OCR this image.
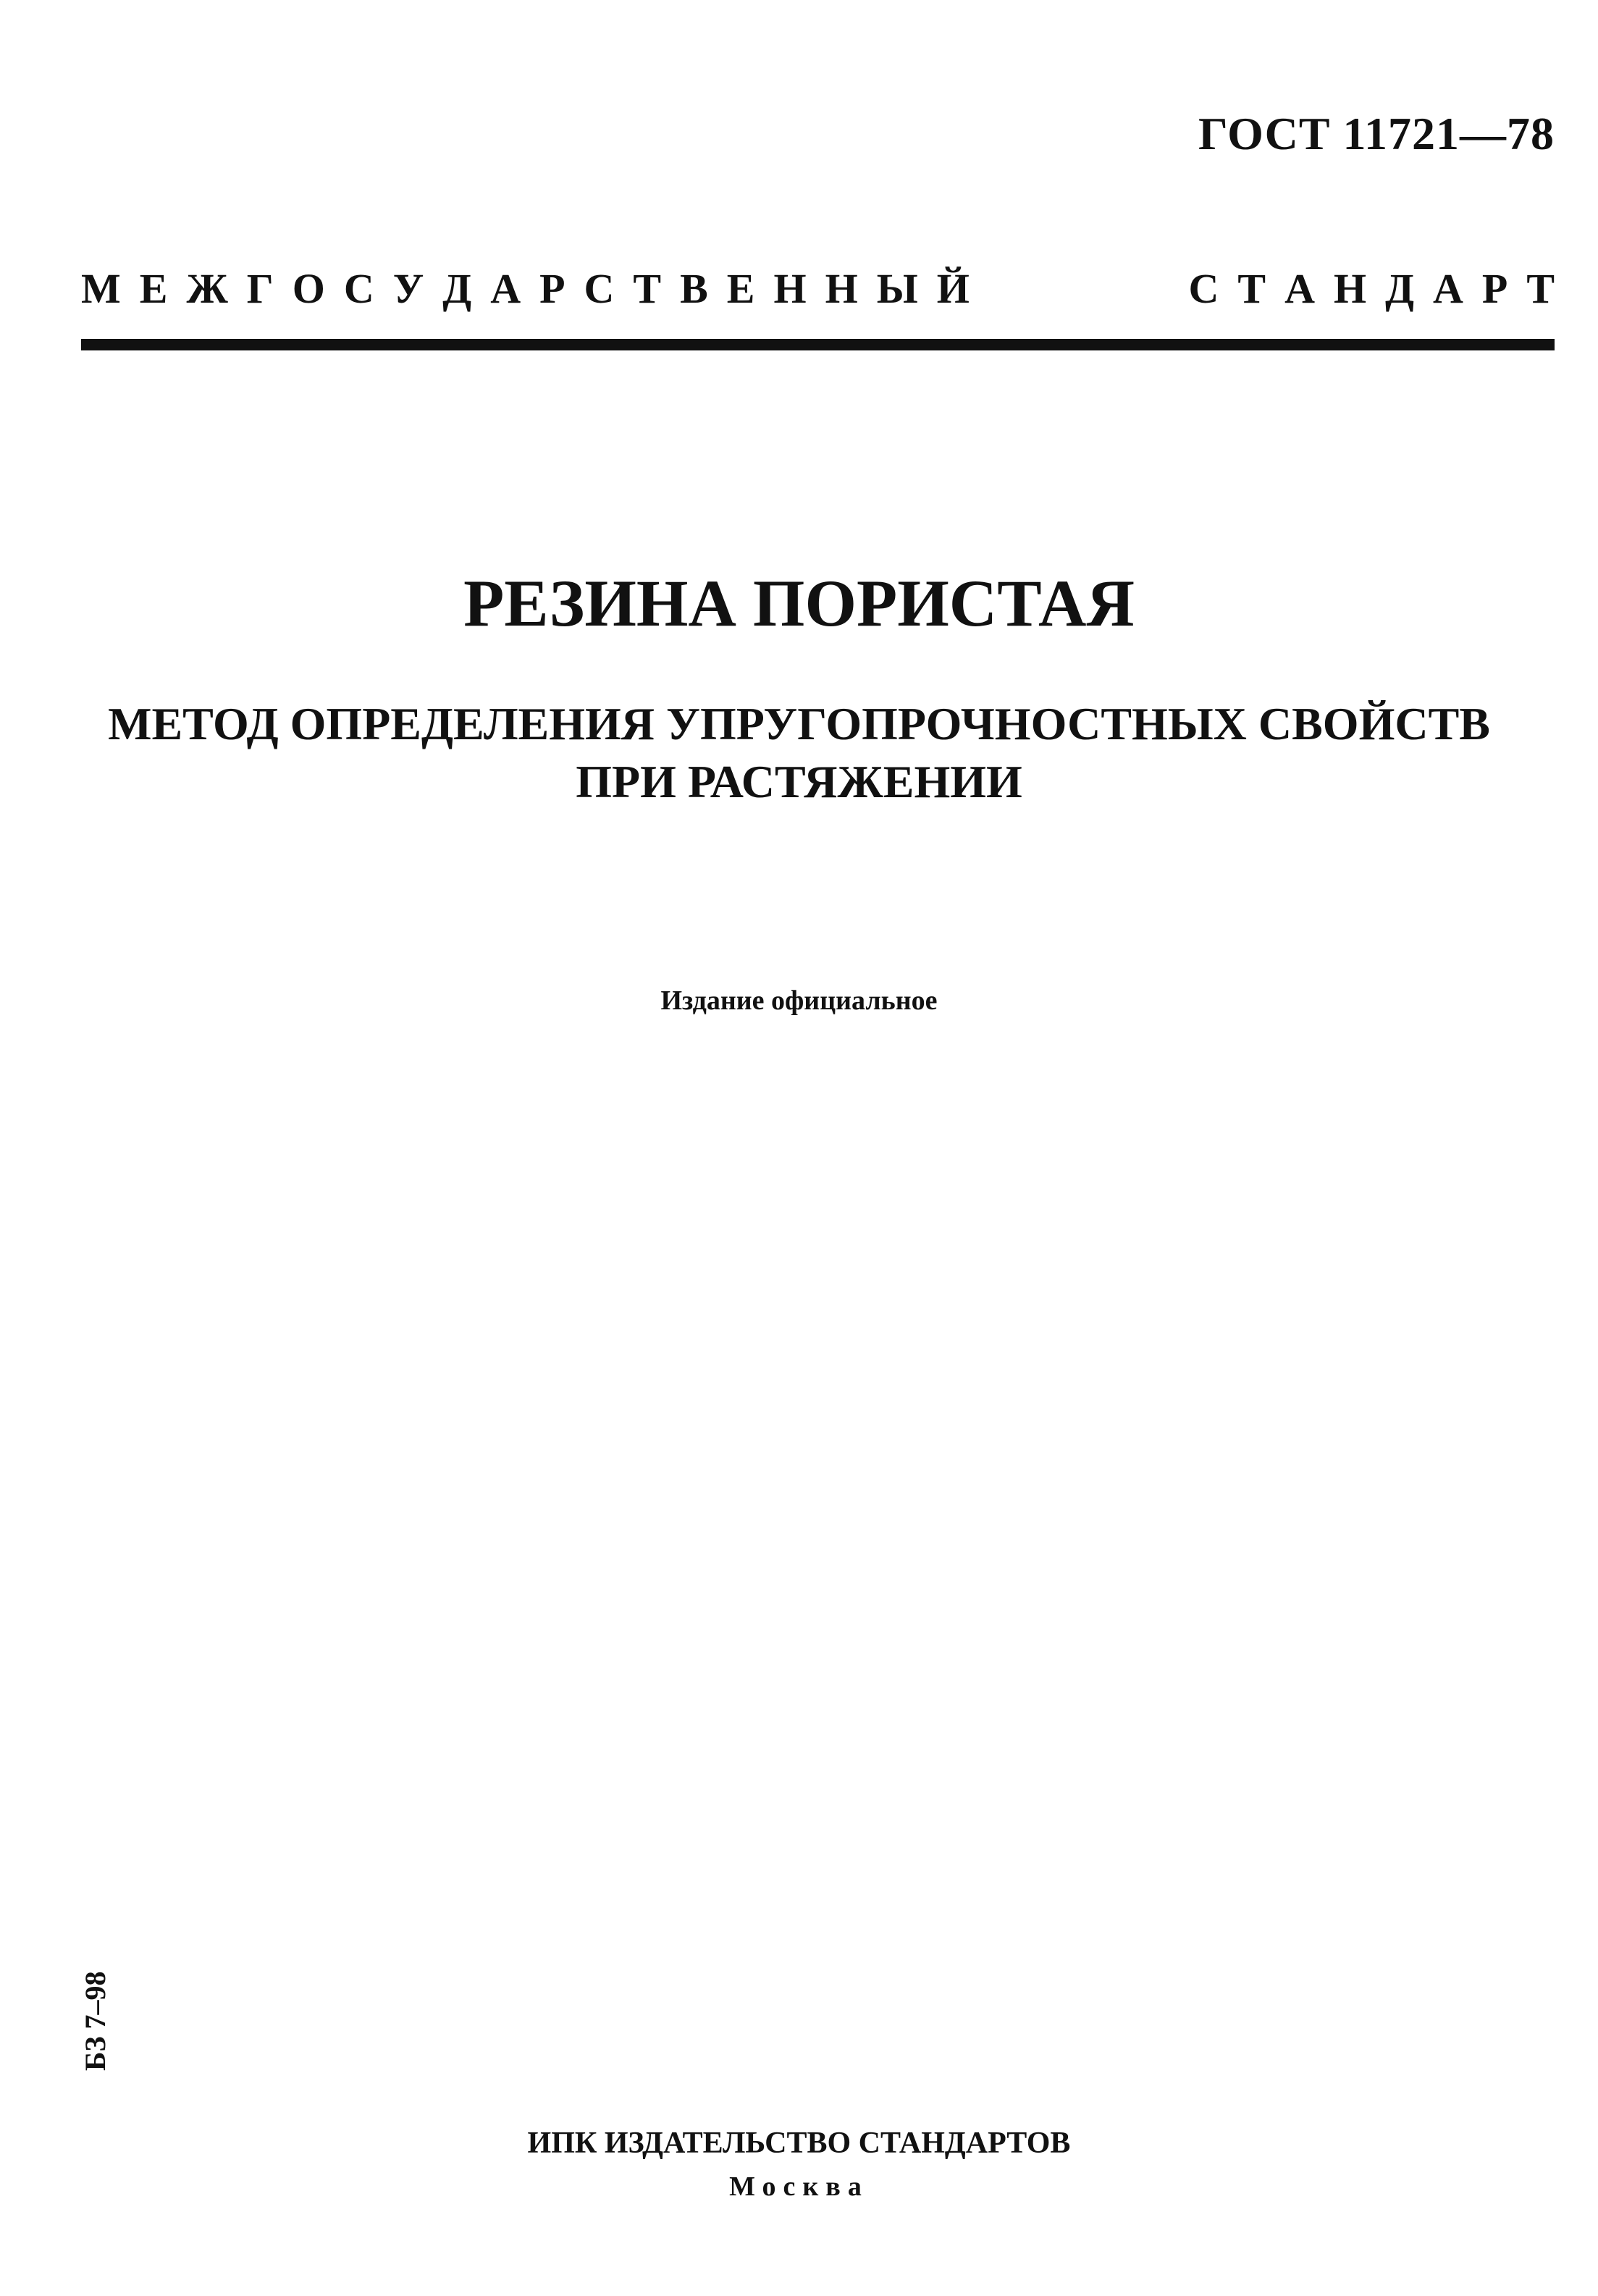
ГОСТ 11721—78
М Е Ж Г О С У Д А Р С Т В Е Н Н Ы Й	С Т А Н Д А Р Т
РЕЗИНА ПОРИСТАЯ
МЕТОД ОПРЕДЕЛЕНИЯ УПРУГОПРОЧНОСТНЫХ СВОЙСТВ
ПРИ РАСТЯЖЕНИИ
Издание официальное
БЗ 7–98
ИПК ИЗДАТЕЛЬСТВО СТАНДАРТОВ
Москва
